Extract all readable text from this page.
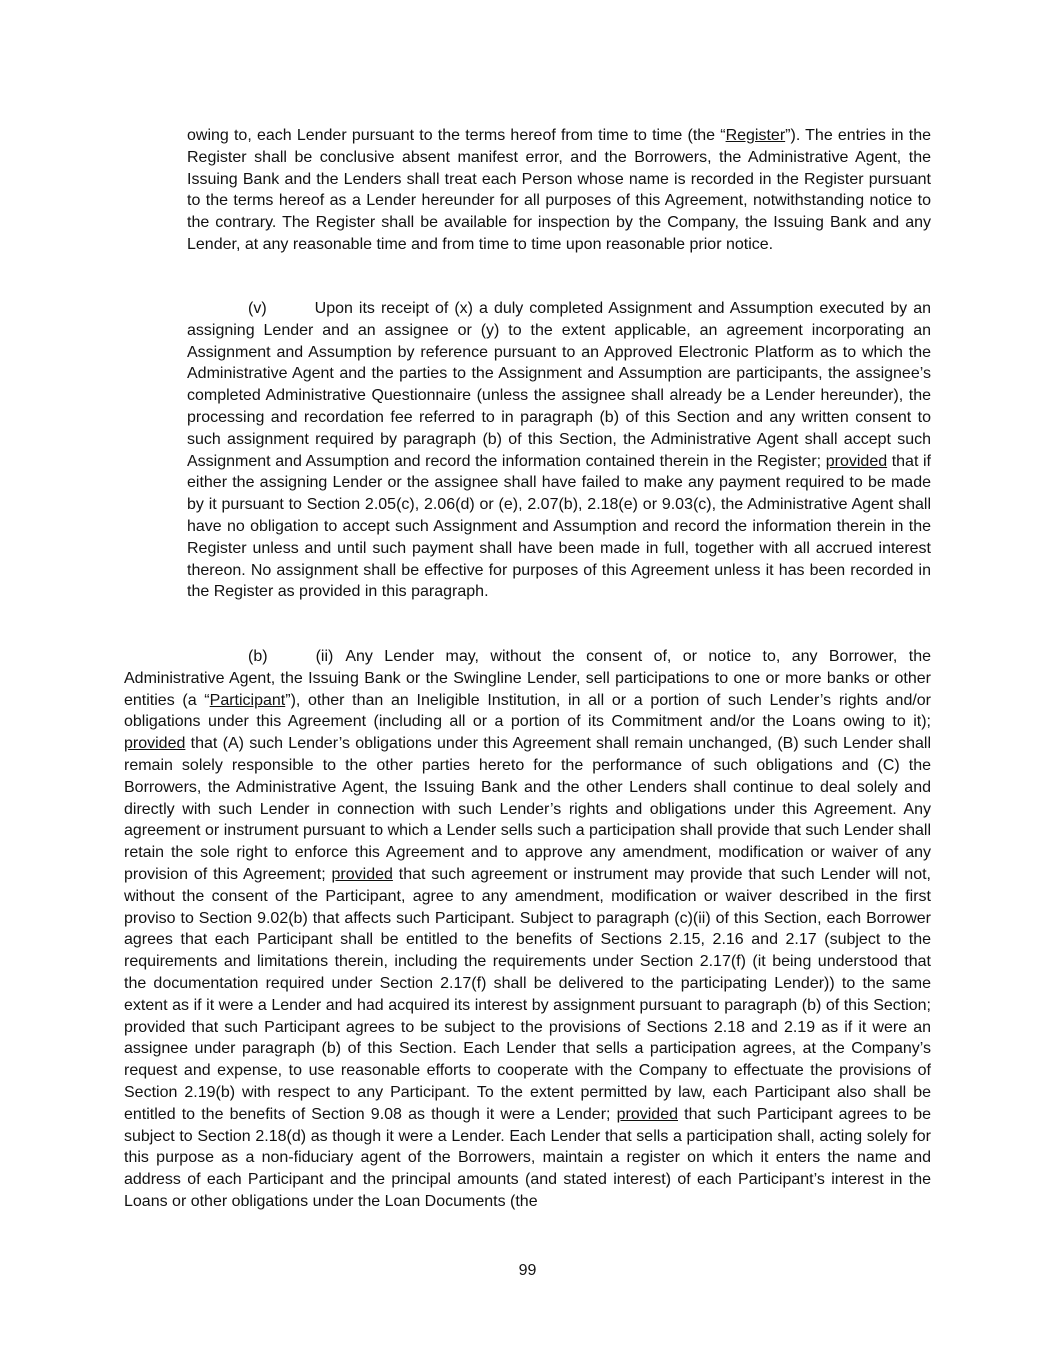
owing to, each Lender pursuant to the terms hereof from time to time (the “Register”). The entries in the Register shall be conclusive absent manifest error, and the Borrowers, the Administrative Agent, the Issuing Bank and the Lenders shall treat each Person whose name is recorded in the Register pursuant to the terms hereof as a Lender hereunder for all purposes of this Agreement, notwithstanding notice to the contrary. The Register shall be available for inspection by the Company, the Issuing Bank and any Lender, at any reasonable time and from time to time upon reasonable prior notice.

(v)	Upon its receipt of (x) a duly completed Assignment and Assumption executed by an assigning Lender and an assignee or (y) to the extent applicable, an agreement incorporating an Assignment and Assumption by reference pursuant to an Approved Electronic Platform as to which the Administrative Agent and the parties to the Assignment and Assumption are participants, the assignee’s completed Administrative Questionnaire (unless the assignee shall already be a Lender hereunder), the processing and recordation fee referred to in paragraph (b) of this Section and any written consent to such assignment required by paragraph (b) of this Section, the Administrative Agent shall accept such Assignment and Assumption and record the information contained therein in the Register; provided that if either the assigning Lender or the assignee shall have failed to make any payment required to be made by it pursuant to Section 2.05(c), 2.06(d) or (e), 2.07(b), 2.18(e) or 9.03(c), the Administrative Agent shall have no obligation to accept such Assignment and Assumption and record the information therein in the Register unless and until such payment shall have been made in full, together with all accrued interest thereon. No assignment shall be effective for purposes of this Agreement unless it has been recorded in the Register as provided in this paragraph.

(b)	(ii) Any Lender may, without the consent of, or notice to, any Borrower, the Administrative Agent, the Issuing Bank or the Swingline Lender, sell participations to one or more banks or other entities (a “Participant”), other than an Ineligible Institution, in all or a portion of such Lender’s rights and/or obligations under this Agreement (including all or a portion of its Commitment and/or the Loans owing to it); provided that (A) such Lender’s obligations under this Agreement shall remain unchanged, (B) such Lender shall remain solely responsible to the other parties hereto for the performance of such obligations and (C) the Borrowers, the Administrative Agent, the Issuing Bank and the other Lenders shall continue to deal solely and directly with such Lender in connection with such Lender’s rights and obligations under this Agreement. Any agreement or instrument pursuant to which a Lender sells such a participation shall provide that such Lender shall retain the sole right to enforce this Agreement and to approve any amendment, modification or waiver of any provision of this Agreement; provided that such agreement or instrument may provide that such Lender will not, without the consent of the Participant, agree to any amendment, modification or waiver described in the first proviso to Section 9.02(b) that affects such Participant. Subject to paragraph (c)(ii) of this Section, each Borrower agrees that each Participant shall be entitled to the benefits of Sections 2.15, 2.16 and 2.17 (subject to the requirements and limitations therein, including the requirements under Section 2.17(f) (it being understood that the documentation required under Section 2.17(f) shall be delivered to the participating Lender)) to the same extent as if it were a Lender and had acquired its interest by assignment pursuant to paragraph (b) of this Section; provided that such Participant agrees to be subject to the provisions of Sections 2.18 and 2.19 as if it were an assignee under paragraph (b) of this Section. Each Lender that sells a participation agrees, at the Company’s request and expense, to use reasonable efforts to cooperate with the Company to effectuate the provisions of Section 2.19(b) with respect to any Participant. To the extent permitted by law, each Participant also shall be entitled to the benefits of Section 9.08 as though it were a Lender; provided that such Participant agrees to be subject to Section 2.18(d) as though it were a Lender. Each Lender that sells a participation shall, acting solely for this purpose as a non-fiduciary agent of the Borrowers, maintain a register on which it enters the name and address of each Participant and the principal amounts (and stated interest) of each Participant’s interest in the Loans or other obligations under the Loan Documents (the

99
